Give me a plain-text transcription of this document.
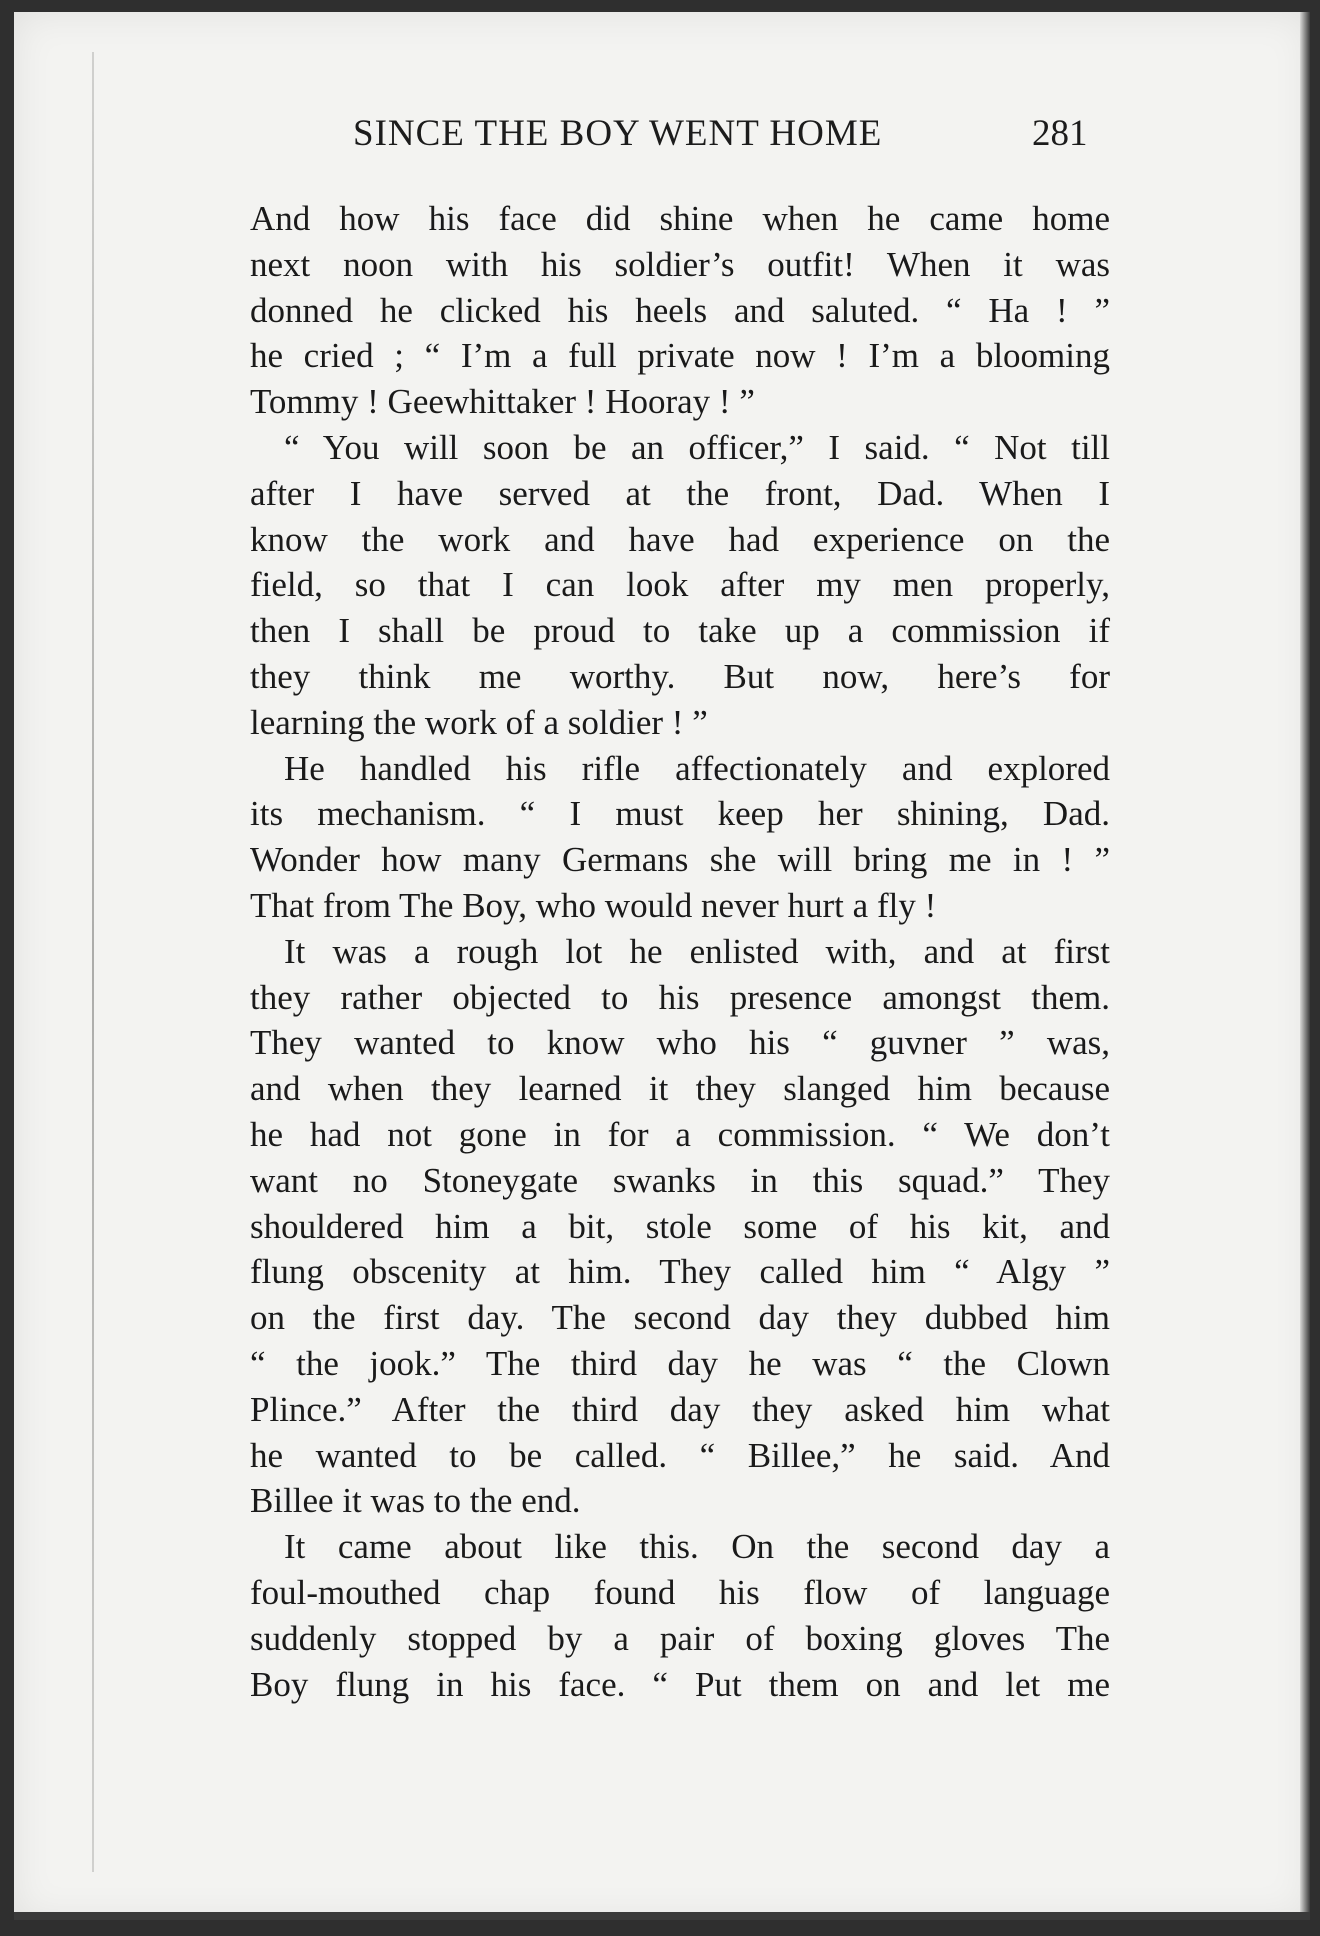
SINCE THE BOY WENT HOME	281
And how his face did shine when he came home
next noon with his soldier’s outfit! When it was
donned he clicked his heels and saluted. “ Ha ! ”
he cried ; “ I’m a full private now ! I’m a blooming
Tommy ! Geewhittaker ! Hooray ! ”
“ You will soon be an officer,” I said. “ Not till
after I have served at the front, Dad. When I
know the work and have had experience on the
field, so that I can look after my men properly,
then I shall be proud to take up a commission if
they think me worthy. But now, here’s for
learning the work of a soldier ! ”
He handled his rifle affectionately and explored
its mechanism. “ I must keep her shining, Dad.
Wonder how many Germans she will bring me in ! ”
That from The Boy, who would never hurt a fly !
It was a rough lot he enlisted with, and at first
they rather objected to his presence amongst them.
They wanted to know who his “ guvner ” was,
and when they learned it they slanged him because
he had not gone in for a commission. “ We don’t
want no Stoneygate swanks in this squad.” They
shouldered him a bit, stole some of his kit, and
flung obscenity at him. They called him “ Algy ”
on the first day. The second day they dubbed him
“ the jook.” The third day he was “ the Clown
Plince.” After the third day they asked him what
he wanted to be called. “ Billee,” he said. And
Billee it was to the end.
It came about like this. On the second day a
foul-mouthed chap found his flow of language
suddenly stopped by a pair of boxing gloves The
Boy flung in his face. “ Put them on and let me
